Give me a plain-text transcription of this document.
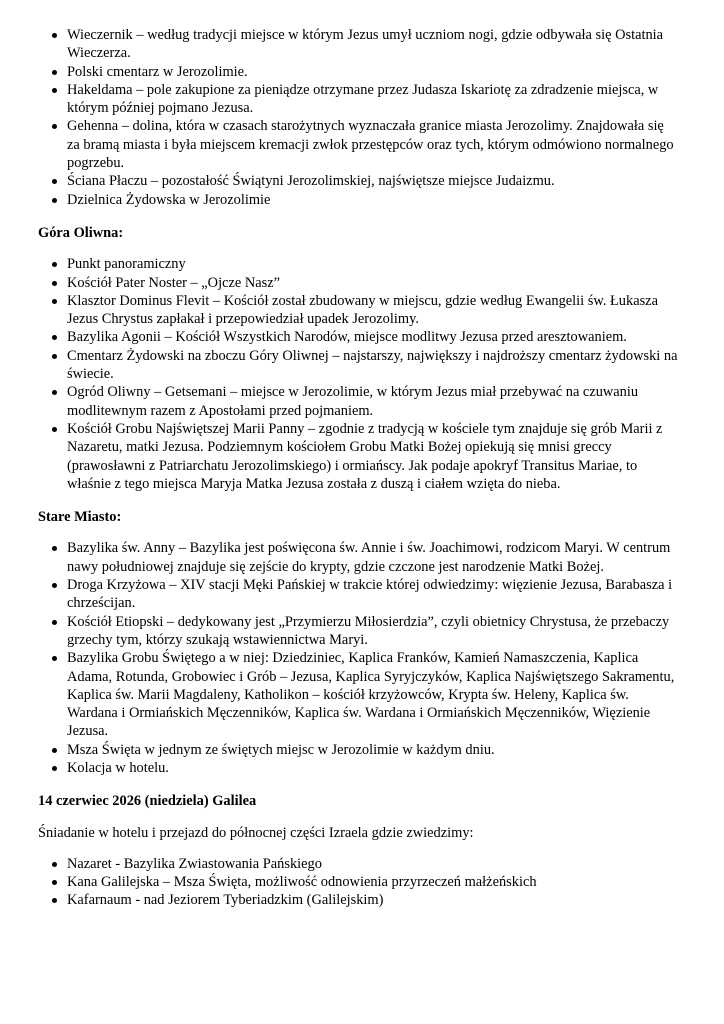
Wieczernik – według tradycji miejsce w którym Jezus umył uczniom nogi, gdzie odbywała się Ostatnia Wieczerza.
Polski cmentarz w Jerozolimie.
Hakeldama – pole zakupione za pieniądze otrzymane przez Judasza Iskariotę za zdradzenie miejsca, w którym później pojmano Jezusa.
Gehenna – dolina, która w czasach starożytnych wyznaczała granice miasta Jerozolimy. Znajdowała się za bramą miasta i była miejscem kremacji zwłok przestępców oraz tych, którym odmówiono normalnego pogrzebu.
Ściana Płaczu – pozostałość Świątyni Jerozolimskiej, najświętsze miejsce Judaizmu.
Dzielnica Żydowska w Jerozolimie

Góra Oliwna:

Punkt panoramiczny
Kościół Pater Noster – „Ojcze Nasz”
Klasztor Dominus Flevit – Kościół został zbudowany w miejscu, gdzie według Ewangelii św. Łukasza Jezus Chrystus zapłakał i przepowiedział upadek Jerozolimy.
Bazylika Agonii – Kościół Wszystkich Narodów, miejsce modlitwy Jezusa przed aresztowaniem.
Cmentarz Żydowski na zboczu Góry Oliwnej – najstarszy, największy i najdroższy cmentarz żydowski na świecie.
Ogród Oliwny – Getsemani – miejsce w Jerozolimie, w którym Jezus miał przebywać na czuwaniu modlitewnym razem z Apostołami przed pojmaniem.
Kościół Grobu Najświętszej Marii Panny – zgodnie z tradycją w kościele tym znajduje się grób Marii z Nazaretu, matki Jezusa. Podziemnym kościołem Grobu Matki Bożej opiekują się mnisi greccy (prawosławni z Patriarchatu Jerozolimskiego) i ormiańscy. Jak podaje apokryf Transitus Mariae, to właśnie z tego miejsca Maryja Matka Jezusa została z duszą i ciałem wzięta do nieba.

Stare Miasto:

Bazylika św. Anny – Bazylika jest poświęcona św. Annie i św. Joachimowi, rodzicom Maryi. W centrum nawy południowej znajduje się zejście do krypty, gdzie czczone jest narodzenie Matki Bożej.
Droga Krzyżowa – XIV stacji Męki Pańskiej w trakcie której odwiedzimy: więzienie Jezusa, Barabasza i chrześcijan.
Kościół Etiopski – dedykowany jest „Przymierzu Miłosierdzia”, czyli obietnicy Chrystusa, że przebaczy grzechy tym, którzy szukają wstawiennictwa Maryi.
Bazylika Grobu Świętego a w niej: Dziedziniec, Kaplica Franków, Kamień Namaszczenia, Kaplica Adama, Rotunda, Grobowiec i Grób – Jezusa, Kaplica Syryjczyków, Kaplica Najświętszego Sakramentu, Kaplica św. Marii Magdaleny, Katholikon – kościół krzyżowców, Krypta św. Heleny, Kaplica św. Wardana i Ormiańskich Męczenników, Kaplica św. Wardana i Ormiańskich Męczenników, Więzienie Jezusa.
Msza Święta w jednym ze świętych miejsc w Jerozolimie w każdym dniu.
Kolacja w hotelu.

14 czerwiec 2026 (niedziela) Galilea

Śniadanie w hotelu i przejazd do północnej części Izraela gdzie zwiedzimy:

Nazaret - Bazylika Zwiastowania Pańskiego
Kana Galilejska – Msza Święta, możliwość odnowienia przyrzeczeń małżeńskich
Kafarnaum - nad Jeziorem Tyberiadzkim (Galilejskim)
